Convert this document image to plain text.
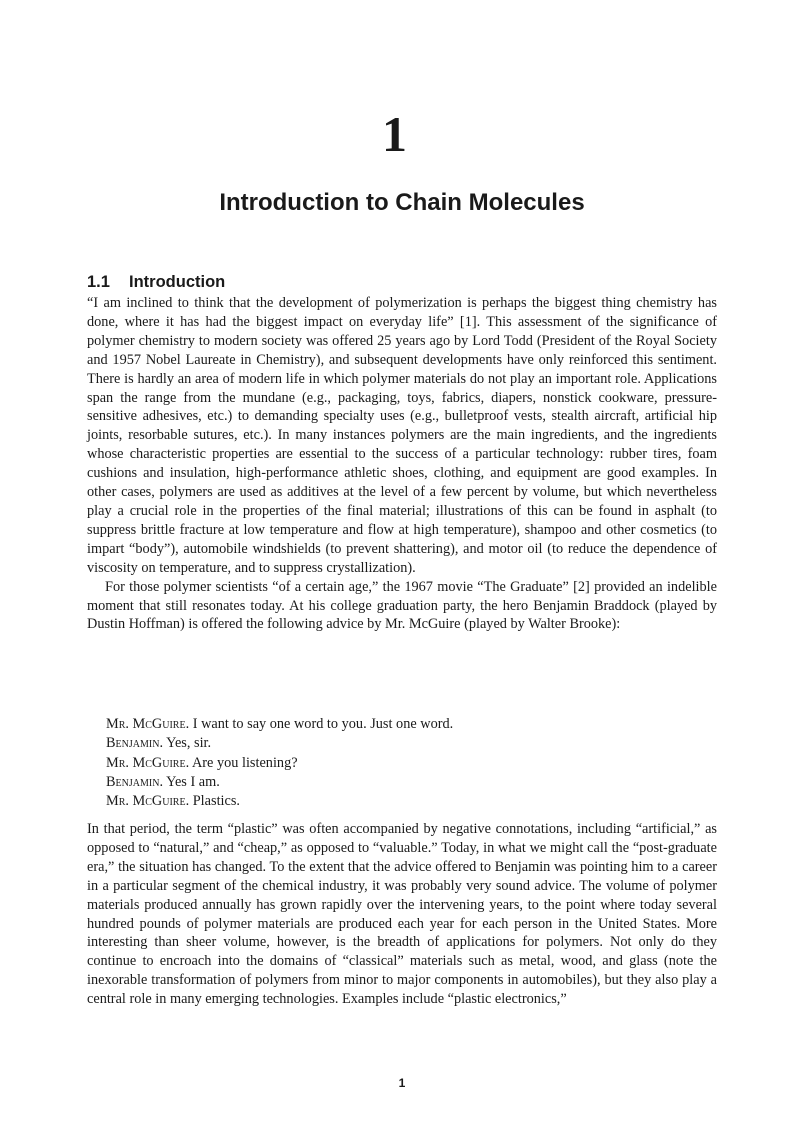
1
Introduction to Chain Molecules
1.1 Introduction

“I am inclined to think that the development of polymerization is perhaps the biggest thing chemistry has done, where it has had the biggest impact on everyday life” [1]. This assessment of the significance of polymer chemistry to modern society was offered 25 years ago by Lord Todd (President of the Royal Society and 1957 Nobel Laureate in Chemistry), and subsequent developments have only reinforced this sentiment. There is hardly an area of modern life in which polymer materials do not play an important role. Applications span the range from the mundane (e.g., packaging, toys, fabrics, diapers, nonstick cookware, pressure-sensitive adhesives, etc.) to demanding specialty uses (e.g., bulletproof vests, stealth aircraft, artificial hip joints, resorbable sutures, etc.). In many instances polymers are the main ingredients, and the ingredients whose characteristic properties are essential to the success of a particular technology: rubber tires, foam cushions and insulation, high-performance athletic shoes, clothing, and equipment are good examples. In other cases, polymers are used as additives at the level of a few percent by volume, but which nevertheless play a crucial role in the properties of the final material; illustrations of this can be found in asphalt (to suppress brittle fracture at low temperature and flow at high temperature), shampoo and other cosmetics (to impart “body”), automobile windshields (to prevent shattering), and motor oil (to reduce the dependence of viscosity on temperature, and to suppress crystallization).

For those polymer scientists “of a certain age,” the 1967 movie “The Graduate” [2] provided an indelible moment that still resonates today. At his college graduation party, the hero Benjamin Braddock (played by Dustin Hoffman) is offered the following advice by Mr. McGuire (played by Walter Brooke):

Mr. McGuire. I want to say one word to you. Just one word.
Benjamin. Yes, sir.
Mr. McGuire. Are you listening?
Benjamin. Yes I am.
Mr. McGuire. Plastics.

In that period, the term “plastic” was often accompanied by negative connotations, including “artificial,” as opposed to “natural,” and “cheap,” as opposed to “valuable.” Today, in what we might call the “post-graduate era,” the situation has changed. To the extent that the advice offered to Benjamin was pointing him to a career in a particular segment of the chemical industry, it was probably very sound advice. The volume of polymer materials produced annually has grown rapidly over the intervening years, to the point where today several hundred pounds of polymer materials are produced each year for each person in the United States. More interesting than sheer volume, however, is the breadth of applications for polymers. Not only do they continue to encroach into the domains of “classical” materials such as metal, wood, and glass (note the inexorable transformation of polymers from minor to major components in automobiles), but they also play a central role in many emerging technologies. Examples include “plastic electronics,”

1
